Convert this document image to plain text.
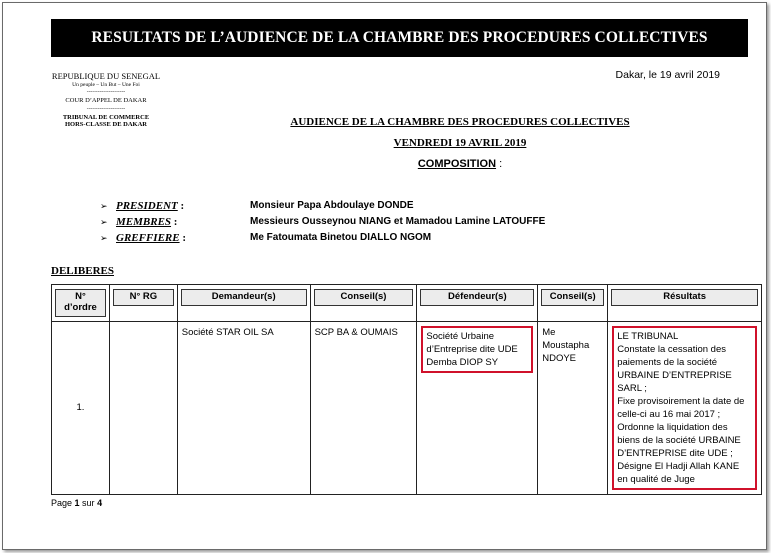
RESULTATS DE L’AUDIENCE DE LA CHAMBRE DES PROCEDURES COLLECTIVES
REPUBLIQUE DU SENEGAL
Un peuple – Un But – Une Foi
---------------------
COUR D’APPEL DE DAKAR
---------------------
TRIBUNAL DE COMMERCE
HORS-CLASSE DE DAKAR
Dakar, le 19 avril 2019
AUDIENCE DE LA CHAMBRE DES PROCEDURES COLLECTIVES
VENDREDI 19 AVRIL 2019
COMPOSITION :
➢ PRESIDENT :	Monsieur Papa Abdoulaye DONDE
➢ MEMBRES :	Messieurs Ousseynou NIANG et Mamadou Lamine LATOUFFE
➢ GREFFIERE :	Me Fatoumata Binetou DIALLO NGOM
DELIBERES
N° d’ordre	N° RG	Demandeur(s)	Conseil(s)	Défendeur(s)	Conseil(s)	Résultats

1.		Société STAR OIL SA	SCP BA & OUMAIS	Société Urbaine d’Entreprise dite UDE Demba DIOP SY	Me Moustapha NDOYE	LE TRIBUNAL
Constate la cessation des paiements de la société URBAINE D’ENTREPRISE SARL ;
Fixe provisoirement la date de celle-ci au 16 mai 2017 ;
Ordonne la liquidation des biens de la société URBAINE D’ENTREPRISE dite UDE ;
Désigne El Hadji Allah KANE en qualité de Juge
Page 1 sur 4
